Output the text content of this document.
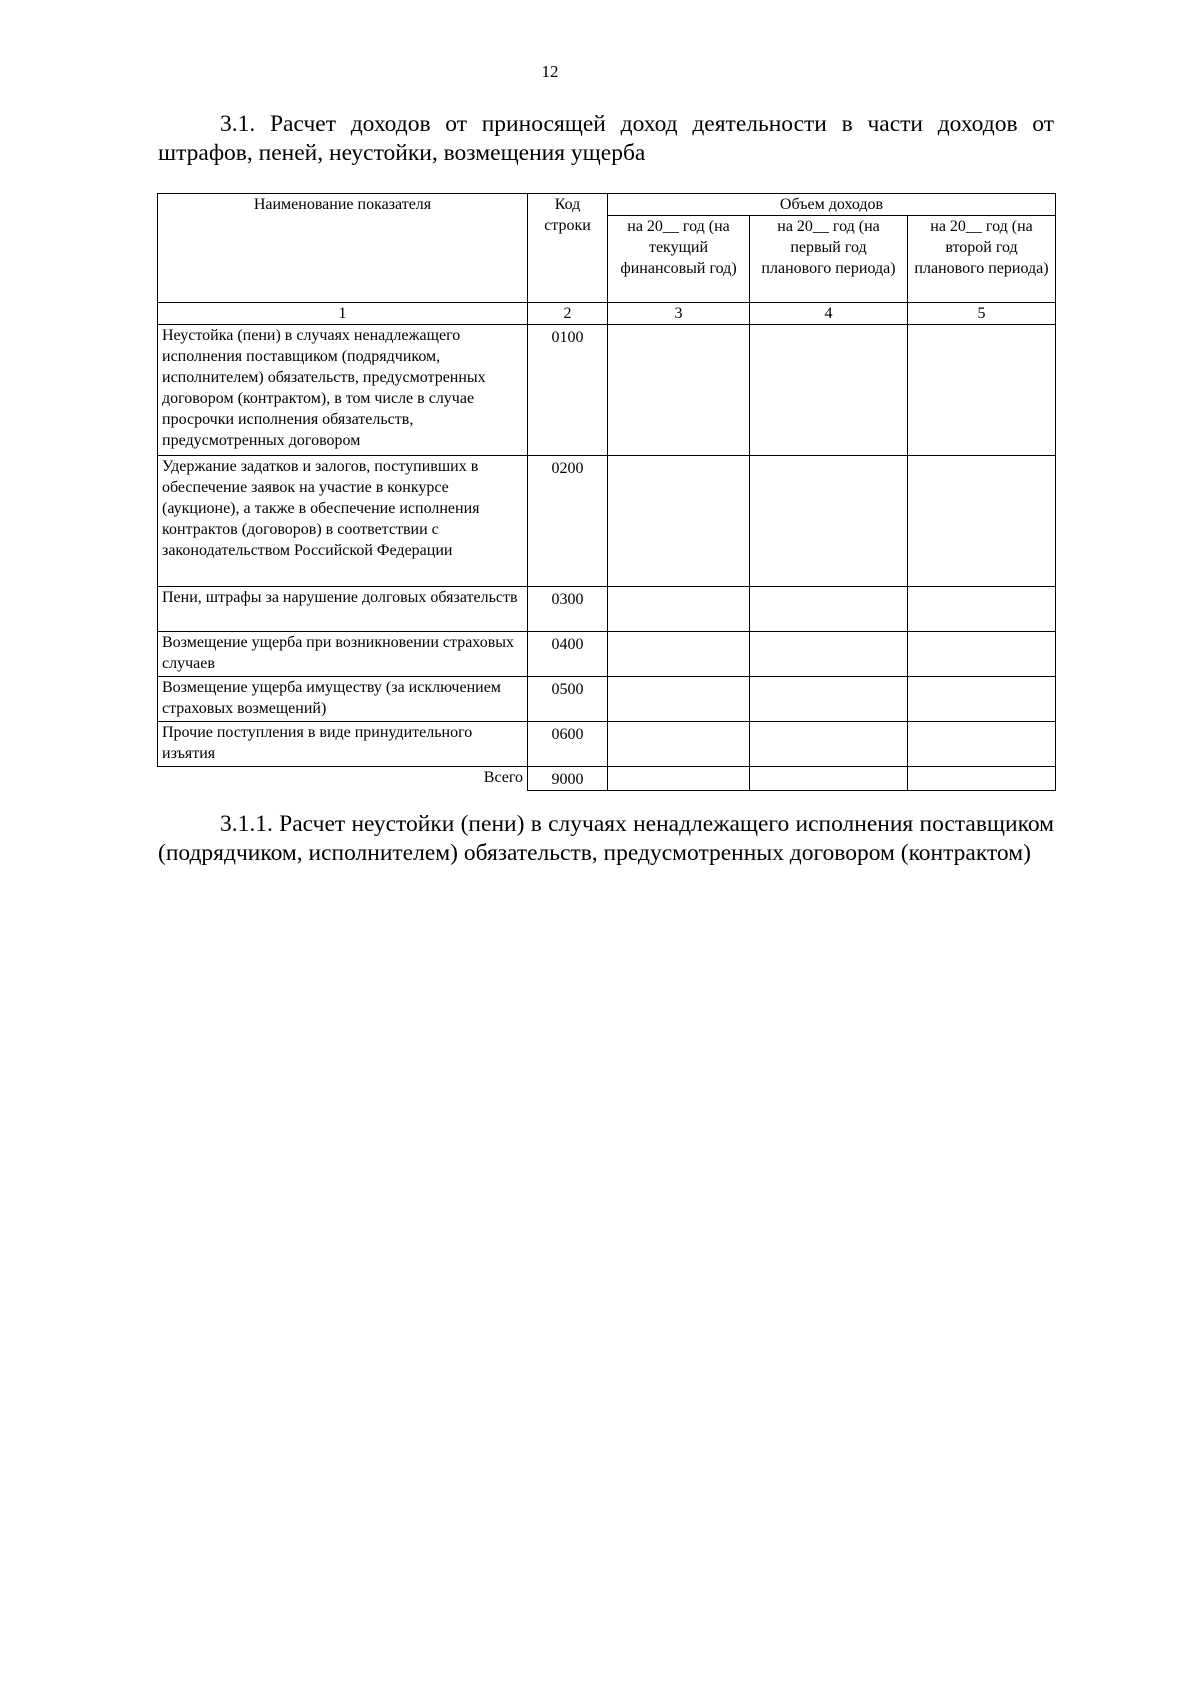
12
3.1. Расчет доходов от приносящей доход деятельности в части доходов от штрафов, пеней, неустойки, возмещения ущерба
Наименование показателя	Код строки	Объем доходов		
		на 20__ год (на текущий финансовый год)	на 20__ год (на первый год планового периода)	на 20__ год (на второй год планового периода)
1	2	3	4	5
Неустойка (пени) в случаях ненадлежащего исполнения поставщиком (подрядчиком, исполнителем) обязательств, предусмотренных договором (контрактом), в том числе в случае просрочки исполнения обязательств, предусмотренных договором	0100			
Удержание задатков и залогов, поступивших в обеспечение заявок на участие в конкурсе (аукционе), а также в обеспечение исполнения контрактов (договоров) в соответствии с законодательством Российской Федерации	0200			
Пени, штрафы за нарушение долговых обязательств	0300			
Возмещение ущерба при возникновении страховых случаев	0400			
Возмещение ущерба имуществу (за исключением страховых возмещений)	0500			
Прочие поступления в виде принудительного изъятия	0600			
Всего	9000			
3.1.1. Расчет неустойки (пени) в случаях ненадлежащего исполнения поставщиком (подрядчиком, исполнителем) обязательств, предусмотренных договором (контрактом)
